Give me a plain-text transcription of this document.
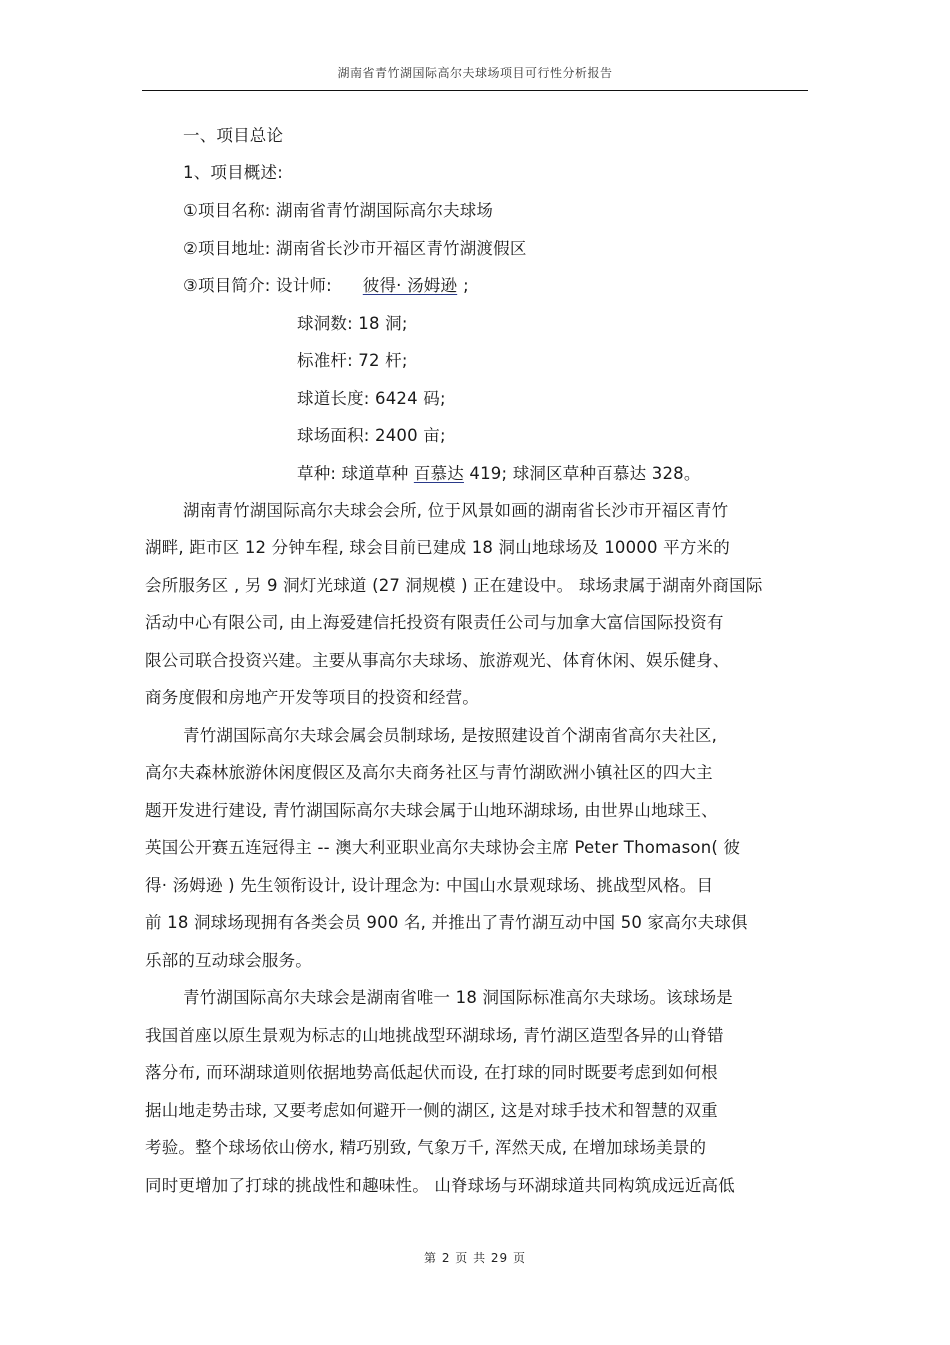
湖南省青竹湖国际高尔夫球场项目可行性分析报告
一、项目总论
1、项目概述:
①项目名称: 湖南省青竹湖国际高尔夫球场
②项目地址: 湖南省长沙市开福区青竹湖渡假区
③项目简介: 设计师: 彼得· 汤姆逊 ;
球洞数: 18 洞;
标准杆: 72 杆;
球道长度: 6424 码;
球场面积: 2400 亩;
草种: 球道草种 百慕达 419; 球洞区草种百慕达 328。
湖南青竹湖国际高尔夫球会会所, 位于风景如画的湖南省长沙市开福区青竹
湖畔, 距市区 12 分钟车程, 球会目前已建成 18 洞山地球场及 10000 平方米的
会所服务区 , 另 9 洞灯光球道 (27 洞规模 ) 正在建设中。 球场隶属于湖南外商国际
活动中心有限公司, 由上海爱建信托投资有限责任公司与加拿大富信国际投资有
限公司联合投资兴建。主要从事高尔夫球场、旅游观光、体育休闲、娱乐健身、
商务度假和房地产开发等项目的投资和经营。
青竹湖国际高尔夫球会属会员制球场, 是按照建设首个湖南省高尔夫社区,
高尔夫森林旅游休闲度假区及高尔夫商务社区与青竹湖欧洲小镇社区的四大主
题开发进行建设, 青竹湖国际高尔夫球会属于山地环湖球场, 由世界山地球王、
英国公开赛五连冠得主 -- 澳大利亚职业高尔夫球协会主席 Peter Thomason( 彼
得· 汤姆逊 ) 先生领衔设计, 设计理念为: 中国山水景观球场、挑战型风格。目
前 18 洞球场现拥有各类会员 900 名, 并推出了青竹湖互动中国 50 家高尔夫球俱
乐部的互动球会服务。
青竹湖国际高尔夫球会是湖南省唯一 18 洞国际标准高尔夫球场。该球场是
我国首座以原生景观为标志的山地挑战型环湖球场, 青竹湖区造型各异的山脊错
落分布, 而环湖球道则依据地势高低起伏而设, 在打球的同时既要考虑到如何根
据山地走势击球, 又要考虑如何避开一侧的湖区, 这是对球手技术和智慧的双重
考验。整个球场依山傍水, 精巧别致, 气象万千, 浑然天成, 在增加球场美景的
同时更增加了打球的挑战性和趣味性。 山脊球场与环湖球道共同构筑成远近高低
第 2 页 共 29 页
